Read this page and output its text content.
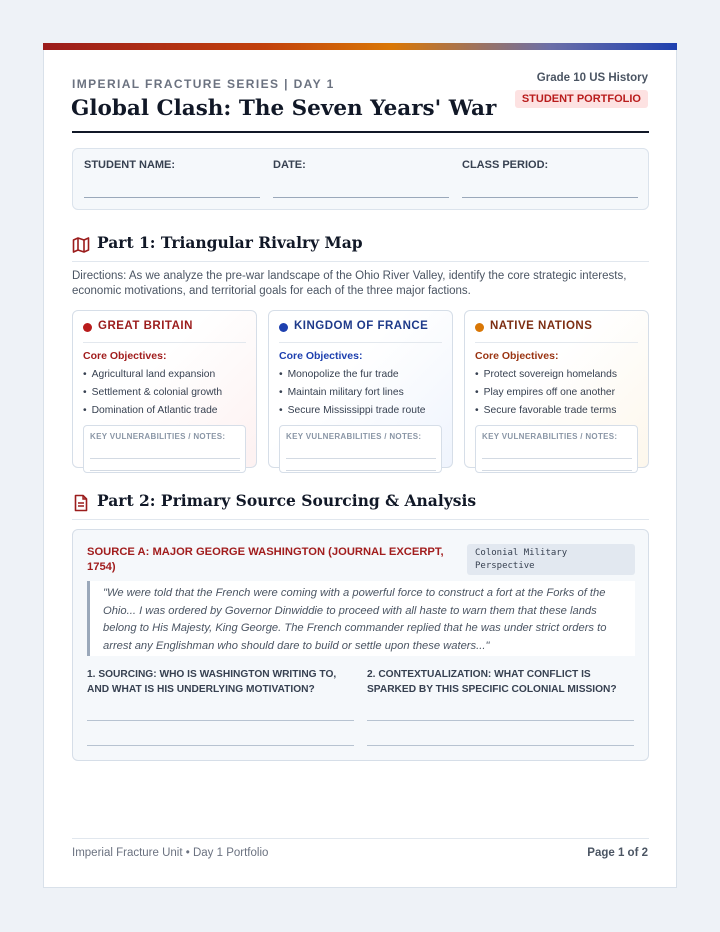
IMPERIAL FRACTURE SERIES | DAY 1
Global Clash: The Seven Years' War
Grade 10 US History
STUDENT PORTFOLIO
STUDENT NAME:	DATE:	CLASS PERIOD:
Part 1: Triangular Rivalry Map
Directions: As we analyze the pre-war landscape of the Ohio River Valley, identify the core strategic interests, economic motivations, and territorial goals for each of the three major factions.
GREAT BRITAIN
Core Objectives:
• Agricultural land expansion
• Settlement & colonial growth
• Domination of Atlantic trade
KEY VULNERABILITIES / NOTES:
KINGDOM OF FRANCE
Core Objectives:
• Monopolize the fur trade
• Maintain military fort lines
• Secure Mississippi trade route
KEY VULNERABILITIES / NOTES:
NATIVE NATIONS
Core Objectives:
• Protect sovereign homelands
• Play empires off one another
• Secure favorable trade terms
KEY VULNERABILITIES / NOTES:
Part 2: Primary Source Sourcing & Analysis
SOURCE A: MAJOR GEORGE WASHINGTON (JOURNAL EXCERPT, 1754)
Colonial Military Perspective
"We were told that the French were coming with a powerful force to construct a fort at the Forks of the Ohio... I was ordered by Governor Dinwiddie to proceed with all haste to warn them that these lands belong to His Majesty, King George. The French commander replied that he was under strict orders to arrest any Englishman who should dare to build or settle upon these waters..."
1. SOURCING: WHO IS WASHINGTON WRITING TO, AND WHAT IS HIS UNDERLYING MOTIVATION?
2. CONTEXTUALIZATION: WHAT CONFLICT IS SPARKED BY THIS SPECIFIC COLONIAL MISSION?
Imperial Fracture Unit • Day 1 Portfolio	Page 1 of 2
